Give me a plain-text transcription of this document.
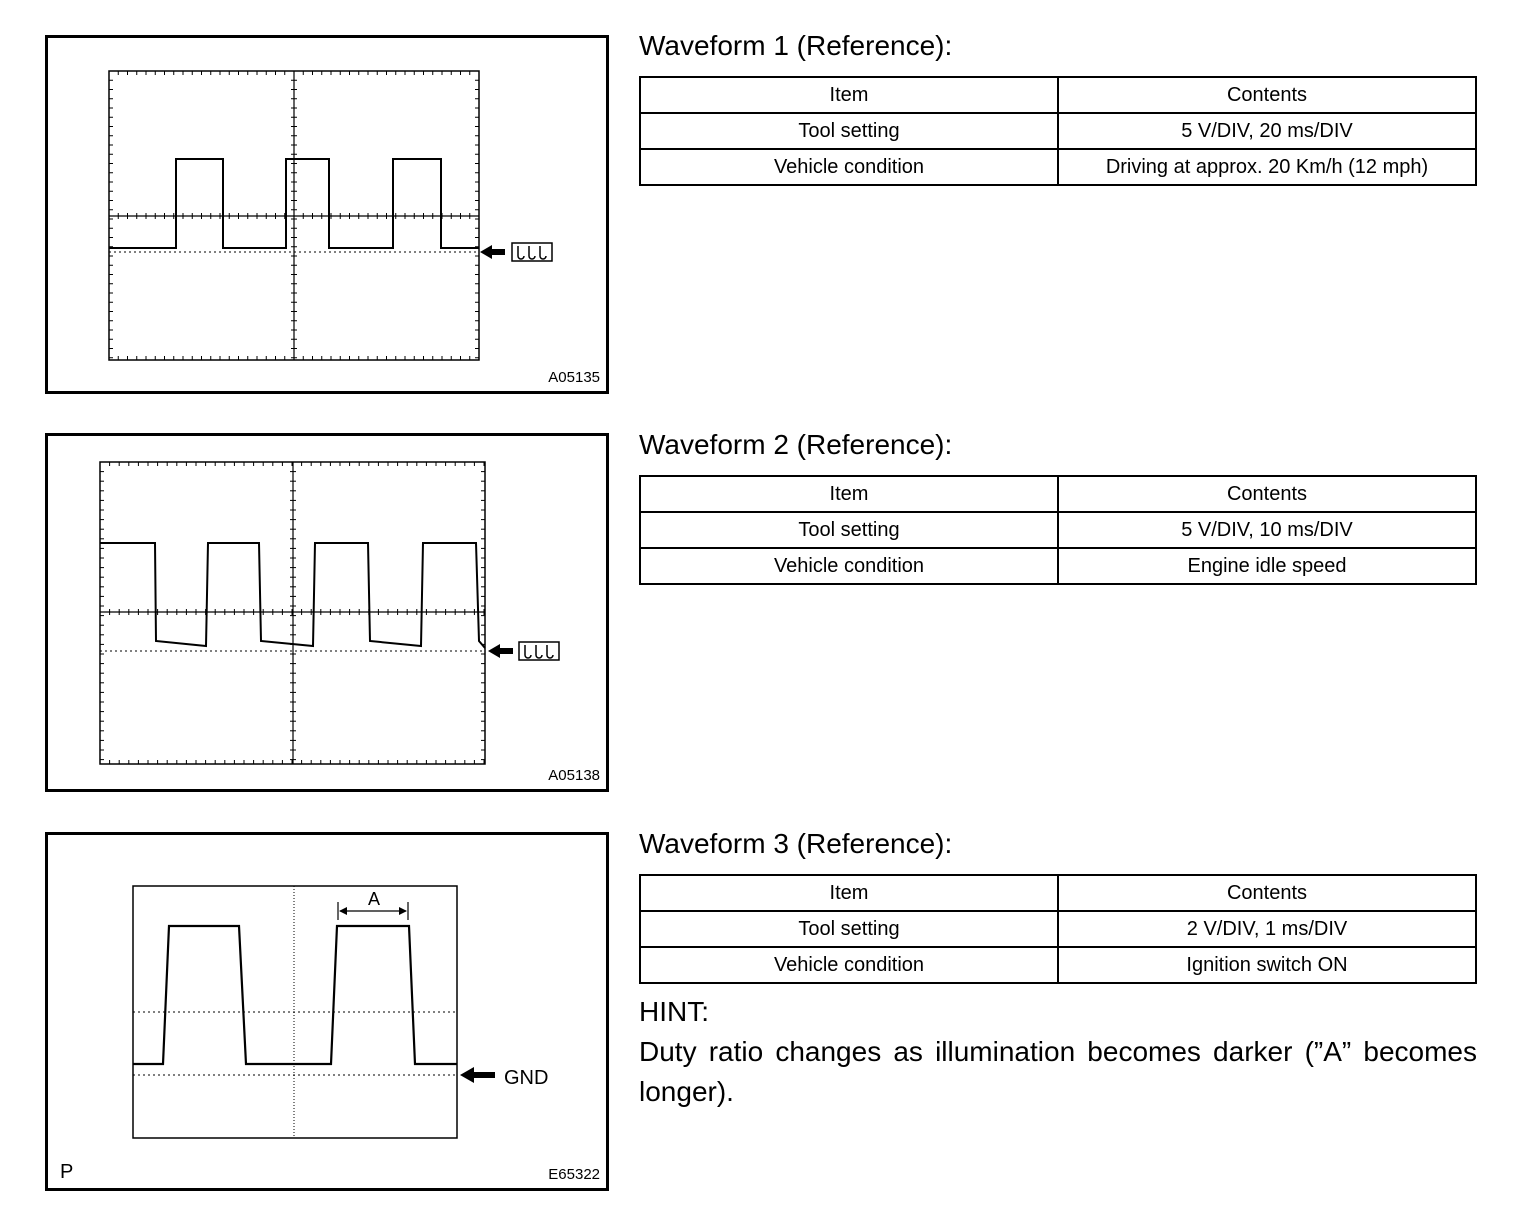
A05135
Waveform 1 (Reference):
Item	Contents
Tool setting	5 V/DIV, 20 ms/DIV
Vehicle condition	Driving at approx. 20 Km/h (12 mph)
A05138
Waveform 2 (Reference):
Item	Contents
Tool setting	5 V/DIV, 10 ms/DIV
Vehicle condition	Engine idle speed
A
GND
P	E65322
Waveform 3 (Reference):
Item	Contents
Tool setting	2 V/DIV, 1 ms/DIV
Vehicle condition	Ignition switch ON
HINT:
Duty ratio changes as illumination becomes darker (”A” becomes longer).
